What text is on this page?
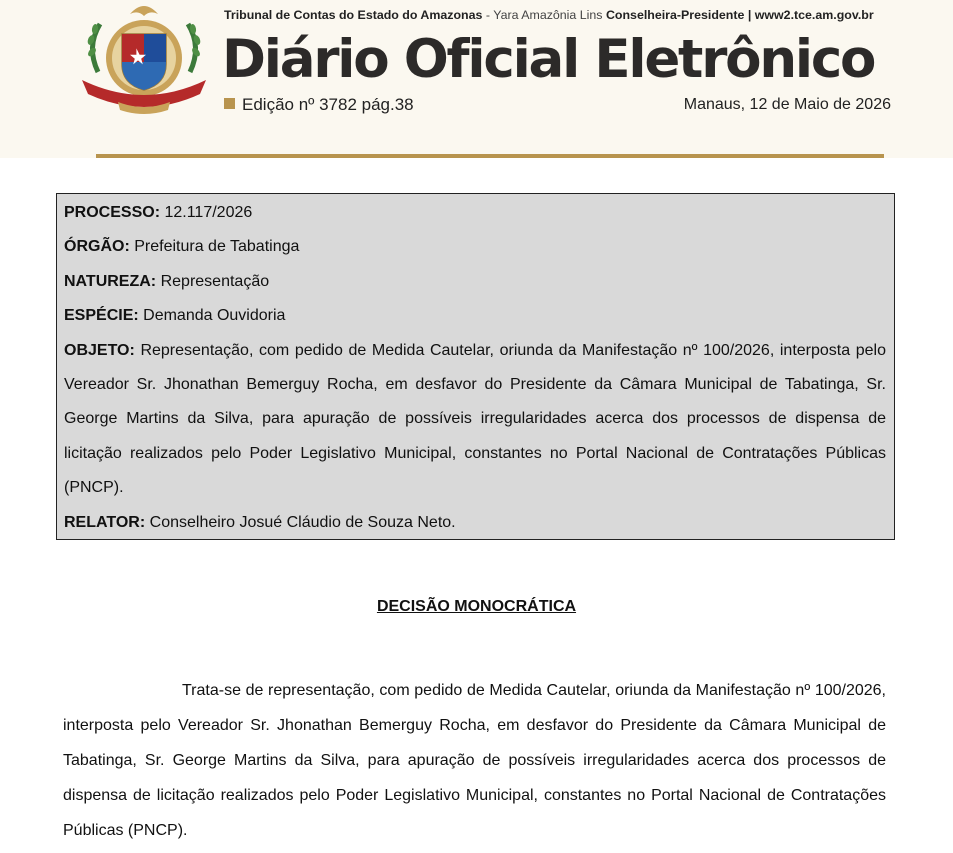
Tribunal de Contas do Estado do Amazonas - Yara Amazônia Lins Conselheira-Presidente | www2.tce.am.gov.br
Diário Oficial Eletrônico
Edição nº 3782 pág.38	Manaus, 12 de Maio de 2026

PROCESSO: 12.117/2026

ÓRGÃO: Prefeitura de Tabatinga

NATUREZA: Representação

ESPÉCIE: Demanda Ouvidoria

OBJETO: Representação, com pedido de Medida Cautelar, oriunda da Manifestação nº 100/2026, interposta pelo Vereador Sr. Jhonathan Bemerguy Rocha, em desfavor do Presidente da Câmara Municipal de Tabatinga, Sr. George Martins da Silva, para apuração de possíveis irregularidades acerca dos processos de dispensa de licitação realizados pelo Poder Legislativo Municipal, constantes no Portal Nacional de Contratações Públicas (PNCP).

RELATOR: Conselheiro Josué Cláudio de Souza Neto.

DECISÃO MONOCRÁTICA

Trata-se de representação, com pedido de Medida Cautelar, oriunda da Manifestação nº 100/2026, interposta pelo Vereador Sr. Jhonathan Bemerguy Rocha, em desfavor do Presidente da Câmara Municipal de Tabatinga, Sr. George Martins da Silva, para apuração de possíveis irregularidades acerca dos processos de dispensa de licitação realizados pelo Poder Legislativo Municipal, constantes no Portal Nacional de Contratações Públicas (PNCP).
